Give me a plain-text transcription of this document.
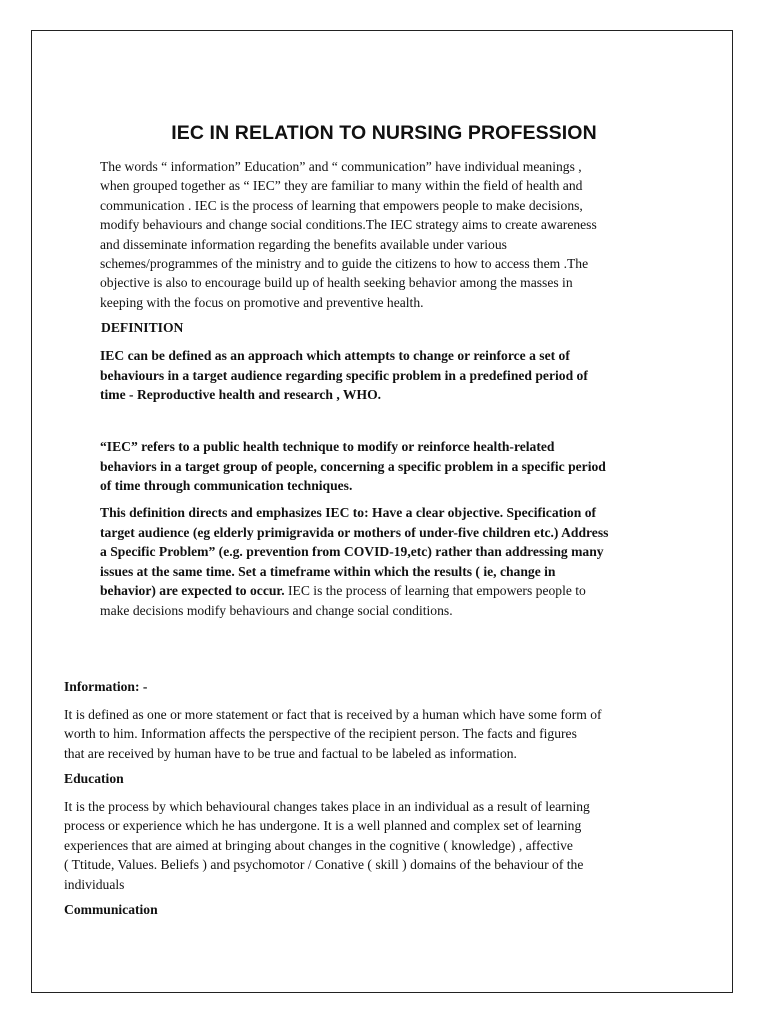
IEC IN RELATION TO NURSING PROFESSION
The words “ information” Education” and “ communication” have individual meanings ,
when grouped together as “ IEC” they are familiar to many within the field of health and
communication . IEC is the process of learning that empowers people to make decisions,
modify behaviours and change social conditions.The IEC strategy aims to create awareness
and disseminate information regarding the benefits available under various
schemes/programmes of the ministry and to guide the citizens to how to access them .The
objective is also to encourage build up of health seeking behavior among the masses in
keeping with the focus on promotive and preventive health.
DEFINITION
IEC can be defined as an approach which attempts to change or reinforce a set of
behaviours in a target audience regarding specific problem in a predefined period of
time - Reproductive health and research , WHO.
“IEC” refers to a public health technique to modify or reinforce health-related
behaviors in a target group of people, concerning a specific problem in a specific period
of time through communication techniques.
This definition directs and emphasizes IEC to: Have a clear objective. Specification of
target audience (eg elderly primigravida or mothers of under-five children etc.) Address
a Specific Problem” (e.g. prevention from COVID-19,etc) rather than addressing many
issues at the same time. Set a timeframe within which the results ( ie, change in
behavior) are expected to occur. IEC is the process of learning that empowers people to
make decisions modify behaviours and change social conditions.
Information: -
It is defined as one or more statement or fact that is received by a human which have some form of
worth to him. Information affects the perspective of the recipient person. The facts and figures
that are received by human have to be true and factual to be labeled as information.
Education
It is the process by which behavioural changes takes place in an individual as a result of learning
process or experience which he has undergone. It is a well planned and complex set of learning
experiences that are aimed at bringing about changes in the cognitive ( knowledge) , affective
( Ttitude, Values. Beliefs ) and psychomotor / Conative ( skill ) domains of the behaviour of the
individuals
Communication
